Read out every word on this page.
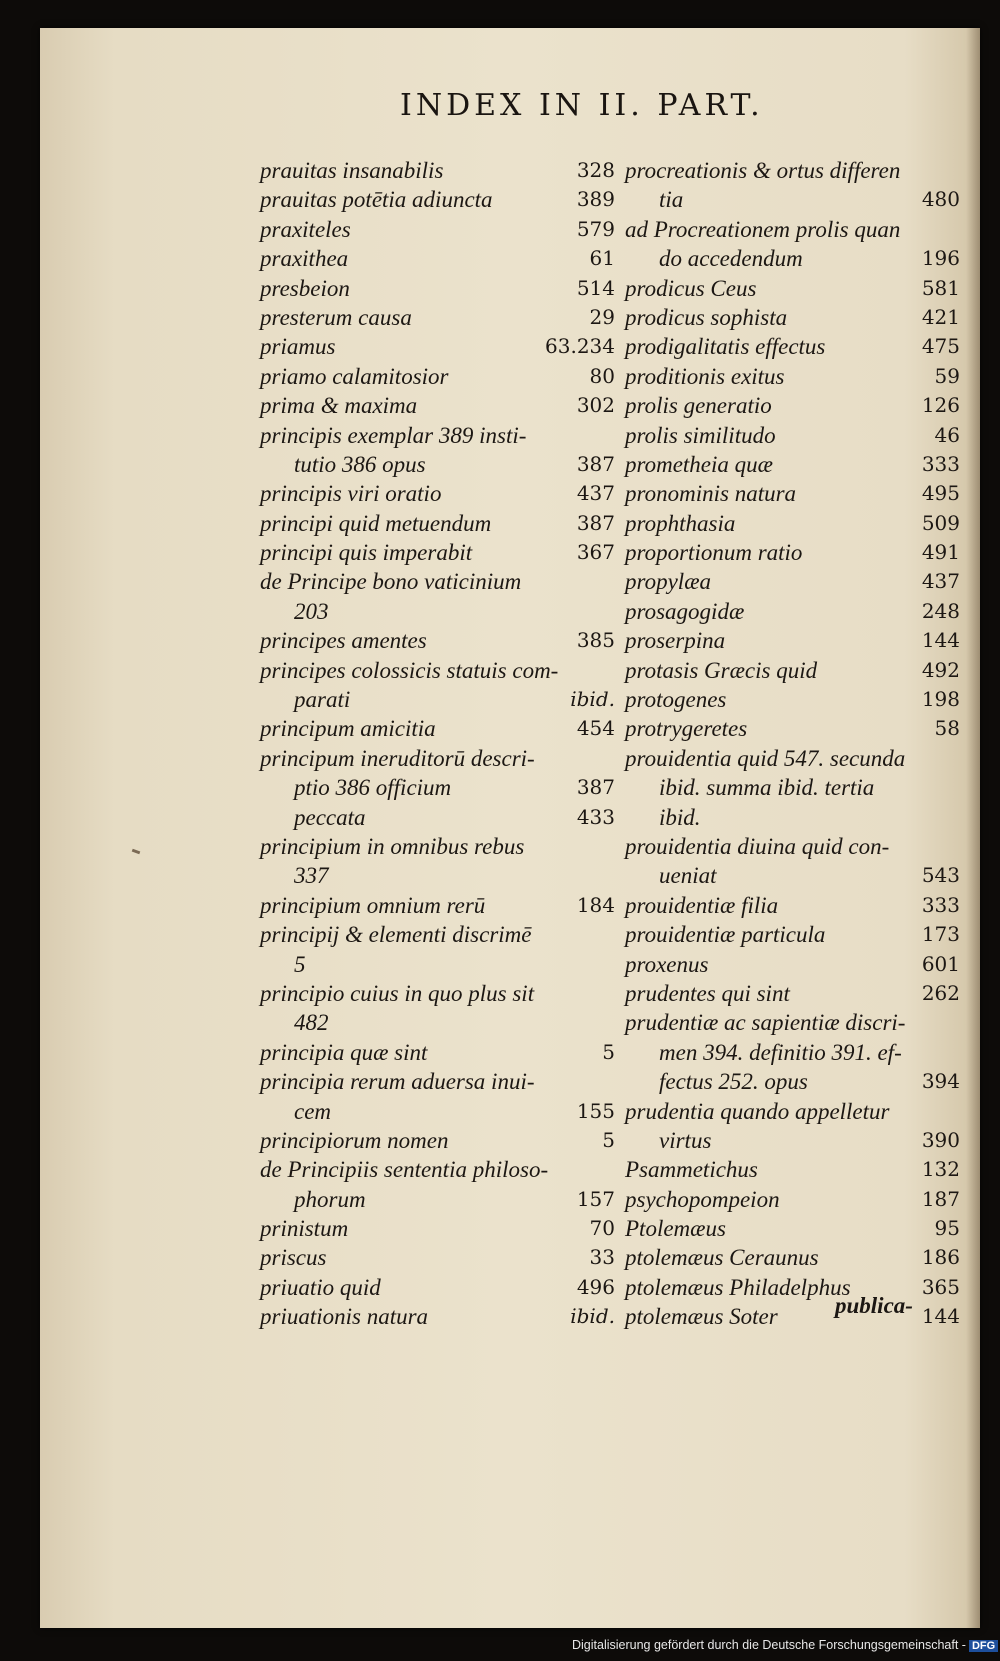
INDEX IN II. PART.
prauitas insanabilis	328
prauitas potētia adiuncta	389
praxiteles	579
praxithea	61
presbeion	514
presterum causa	29
priamus	63.234
priamo calamitosior	80
prima & maxima	302
principis exemplar 389 insti-
tutio 386 opus	387
principis viri oratio	437
principi quid metuendum	387
principi quis imperabit	367
de Principe bono vaticinium
203
principes amentes	385
principes colossicis statuis com-
parati	ibid.
principum amicitia	454
principum ineruditorū descri-
ptio 386 officium	387
peccata	433
principium in omnibus rebus
337
principium omnium rerū	184
principij & elementi discrimē
5
principio cuius in quo plus sit
482
principia quæ sint	5
principia rerum aduersa inui-
cem	155
principiorum nomen	5
de Principiis sententia philoso-
phorum	157
prinistum	70
priscus	33
priuatio quid	496
priuationis natura	ibid.
procreationis & ortus differen
tia	480
ad Procreationem prolis quan
do accedendum	196
prodicus Ceus	581
prodicus sophista	421
prodigalitatis effectus	475
proditionis exitus	59
prolis generatio	126
prolis similitudo	46
prometheia quæ	333
pronominis natura	495
prophthasia	509
proportionum ratio	491
propylæa	437
prosagogidæ	248
proserpina	144
protasis Græcis quid	492
protogenes	198
protrygeretes	58
prouidentia quid 547. secunda
ibid. summa ibid. tertia
ibid.
prouidentia diuina quid con-
ueniat	543
prouidentiæ filia	333
prouidentiæ particula	173
proxenus	601
prudentes qui sint	262
prudentiæ ac sapientiæ discri-
men 394. definitio 391. ef-
fectus 252. opus	394
prudentia quando appelletur
virtus	390
Psammetichus	132
psychopompeion	187
Ptolemæus	95
ptolemæus Ceraunus	186
ptolemæus Philadelphus	365
ptolemæus Soter	144
publica-
Digitalisierung gefördert durch die Deutsche Forschungsgemeinschaft - DFG
